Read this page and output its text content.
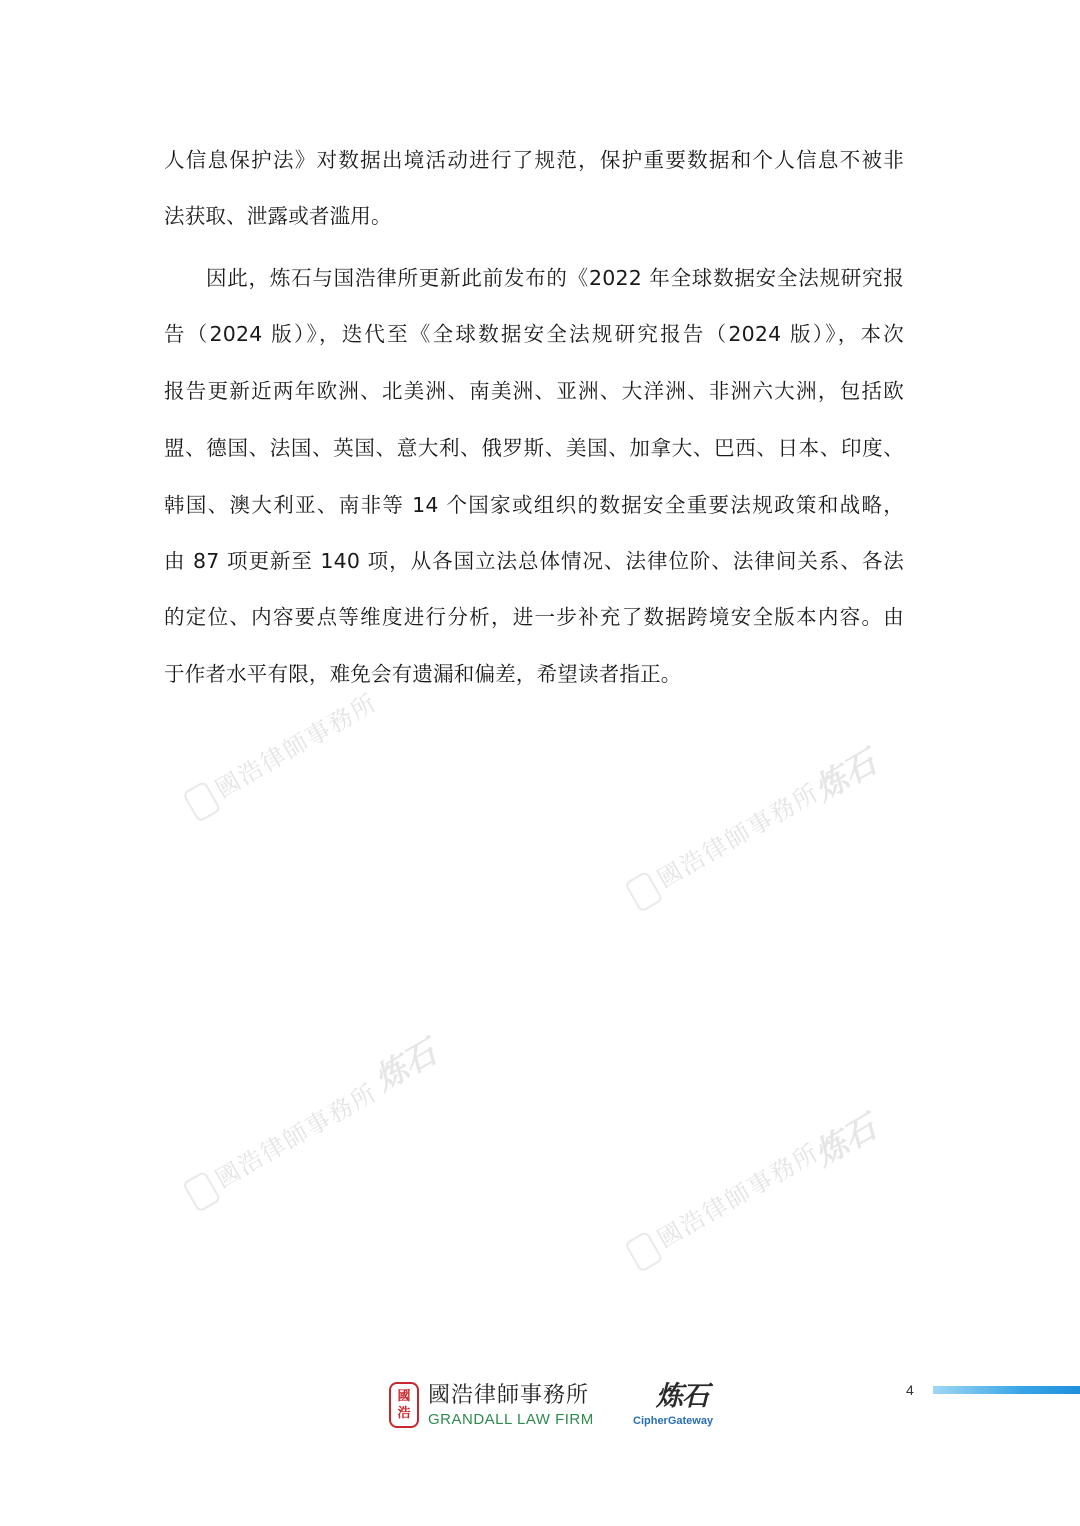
國浩律師事務所	炼石
國浩律師事務所
炼石
國浩律師事務所	炼石
國浩律師事務所
人信息保护法》对数据出境活动进行了规范，保护重要数据和个人信息不被非
法获取、泄露或者滥用。
因此，炼石与国浩律所更新此前发布的《2022 年全球数据安全法规研究报
告（2024 版）》，迭代至《全球数据安全法规研究报告（2024 版）》，本次
报告更新近两年欧洲、北美洲、南美洲、亚洲、大洋洲、非洲六大洲，包括欧
盟、德国、法国、英国、意大利、俄罗斯、美国、加拿大、巴西、日本、印度、
韩国、澳大利亚、南非等 14 个国家或组织的数据安全重要法规政策和战略，
由 87 项更新至 140 项，从各国立法总体情况、法律位阶、法律间关系、各法
的定位、内容要点等维度进行分析，进一步补充了数据跨境安全版本内容。由
于作者水平有限，难免会有遗漏和偏差，希望读者指正。
國
浩
國浩律師事務所
GRANDALL LAW FIRM
炼石
CipherGateway
4
